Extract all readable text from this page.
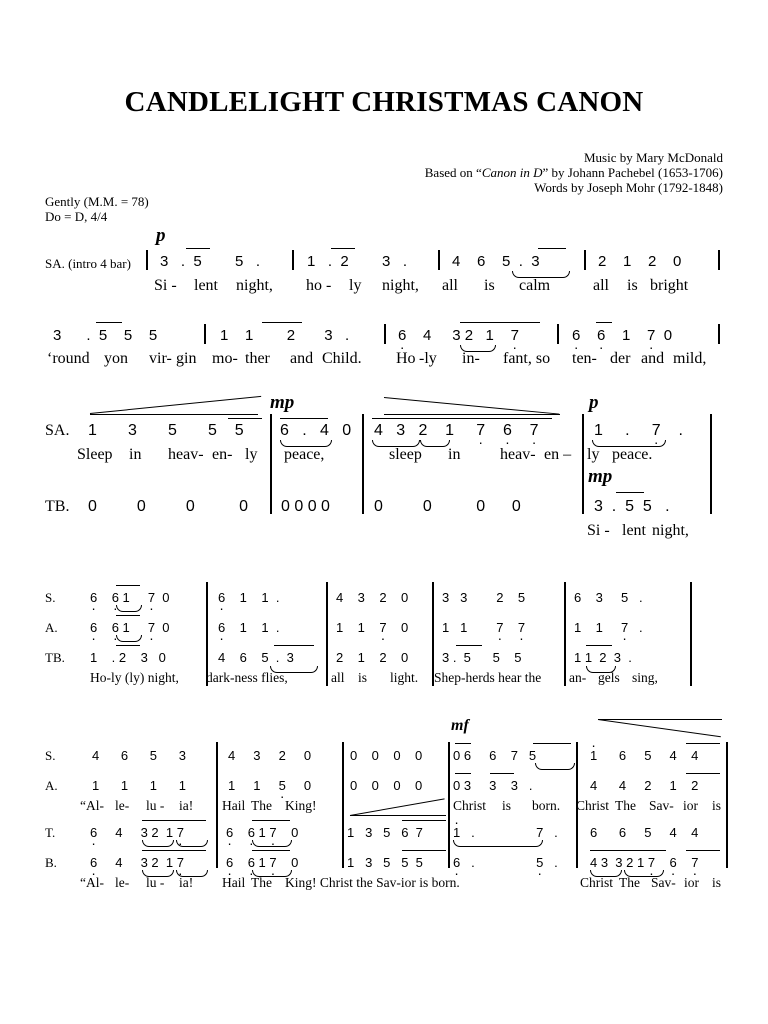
CANDLELIGHT CHRISTMAS CANON
Music by Mary McDonald
Based on “Canon in D” by Johann Pachebel (1653-1706)
Words by Joseph Mohr (1792-1848)
Gently (M.M. = 78)
Do = D, 4/4
p
SA. (intro 4 bar) 3   .  5        5   .	1   .  2        3   .	4    6    5  .  3	2    1    2    0
Si - lent night, ho - ly night, all is calm	all is bright
3      .  5    5    5	1    1        2       3   .	6 ·    4     3 2   1    7 ·	6 · 6 ·    1    7 ·  0
‘round yon vir- gin mo- ther and Child. Ho -ly in- fant, so ten- der and mild,
mp	p
SA. 1       3       5       5    5 6   .   4   0 4   3   2    1     7 · 6 · 7 ·	1     .     7 ·    .
Sleep in heav- en- ly peace,	sleep in heav- en – ly peace.
mp
TB. 0         0         0          0 0 0 0 0	0         0          0      0	3  .  5  5   .
Si - lent night,
S.
A.
TB.
6 · 6 · 1     7 ·  0	6 ·    1    1  .	4    3    2    0	3   3        2    5	6    3     5   .
6 · 6 · 1     7 ·  0	6 ·    1    1  .	1    1    7 ·    0	1   1        7 · 7 ·	1    1     7 ·   .
1    . 2    3   0	4    6    5  .  3	2    1    2    0	3 .  5      5    5	1 1  2  3  .
Ho-ly (ly) night, dark-ness flies,	all is light. Shep-herds hear the an- gels sing,
mf
S.
A.
T.
B.
4      6      5      3	4     3     2     0	0    0    0    0 0 6     6    7   5	1 ·      6     5     4    4
1      1      1      1	1     1     5 ·     0	0    0    0    0 0 3     3    3   .	4      4     2     1    2
“Al- le- lu - ia! Hail The King!	Christ is born. Christ The Sav- ior is
6 ·     4     3 2  1 7 ·	6 · 6 · 1 7 ·    0	1   3   5   6  7 1 ·   .                 7   . 6      6     5     4    4
6 ·     4     3 2  1 7 ·	6 · 6 · 1 7 ·    0	1   3   5   5  5 6 ·   .                 5 ·   . 4 3  3 2 1 7 · 6 · 7 ·
“Al- le- lu - ia! Hail The King! Christ the Sav-ior is born.	Christ The Sav- ior is
